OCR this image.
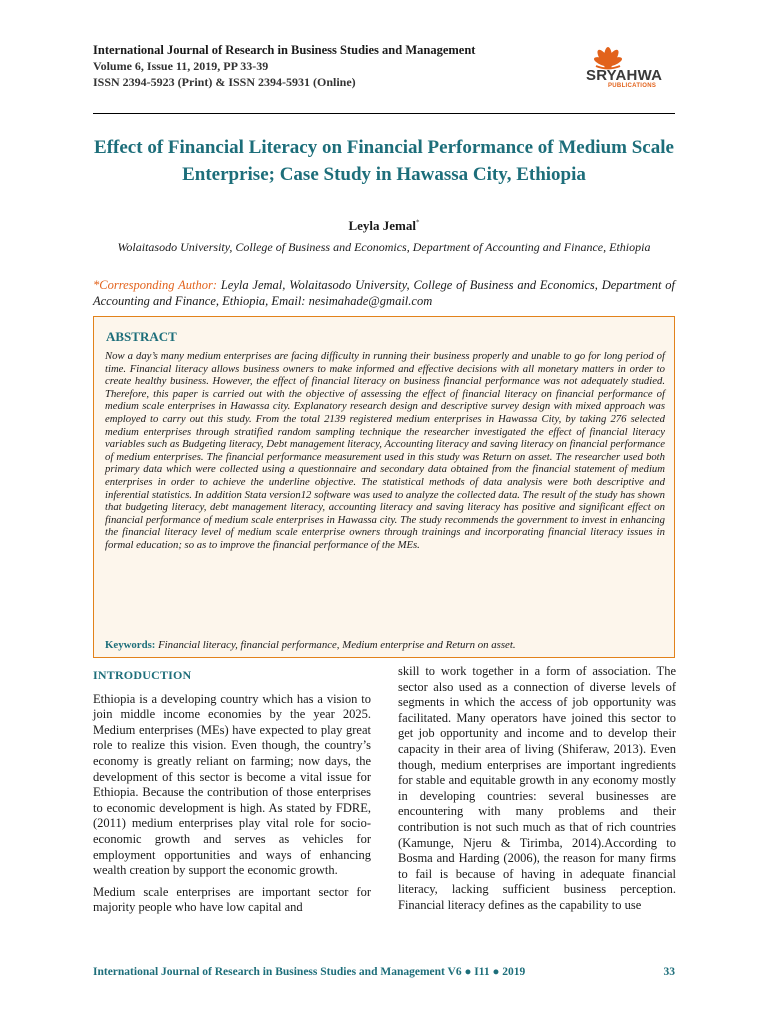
International Journal of Research in Business Studies and Management
Volume 6, Issue 11, 2019, PP 33-39
ISSN 2394-5923 (Print) & ISSN 2394-5931 (Online)	SRYAHWA
PUBLICATIONS
Effect of Financial Literacy on Financial Performance of Medium Scale Enterprise; Case Study in Hawassa City, Ethiopia
Leyla Jemal*
Wolaitasodo University, College of Business and Economics, Department of Accounting and Finance, Ethiopia
*Corresponding Author: Leyla Jemal, Wolaitasodo University, College of Business and Economics, Department of Accounting and Finance, Ethiopia, Email: nesimahade@gmail.com
ABSTRACT

Now a day’s many medium enterprises are facing difficulty in running their business properly and unable to go for long period of time. Financial literacy allows business owners to make informed and effective decisions with all monetary matters in order to create healthy business. However, the effect of financial literacy on business financial performance was not adequately studied. Therefore, this paper is carried out with the objective of assessing the effect of financial literacy on financial performance of medium scale enterprises in Hawassa city. Explanatory research design and descriptive survey design with mixed approach was employed to carry out this study. From the total 2139 registered medium enterprises in Hawassa City, by taking 276 selected medium enterprises through stratified random sampling technique the researcher investigated the effect of financial literacy variables such as Budgeting literacy, Debt management literacy, Accounting literacy and saving literacy on financial performance of medium enterprises. The financial performance measurement used in this study was Return on asset. The researcher used both primary data which were collected using a questionnaire and secondary data obtained from the financial statement of medium enterprises in order to achieve the underline objective. The statistical methods of data analysis were both descriptive and inferential statistics. In addition Stata version12 software was used to analyze the collected data. The result of the study has shown that budgeting literacy, debt management literacy, accounting literacy and saving literacy has positive and significant effect on financial performance of medium scale enterprises in Hawassa city. The study recommends the government to invest in enhancing the financial literacy level of medium scale enterprise owners through trainings and incorporating financial literacy issues in formal education; so as to improve the financial performance of the MEs.

Keywords: Financial literacy, financial performance, Medium enterprise and Return on asset.
INTRODUCTION

Ethiopia is a developing country which has a vision to join middle income economies by the year 2025. Medium enterprises (MEs) have expected to play great role to realize this vision. Even though, the country’s economy is greatly reliant on farming; now days, the development of this sector is become a vital issue for Ethiopia. Because the contribution of those enterprises to economic development is high. As stated by FDRE, (2011) medium enterprises play vital role for socio-economic growth and serves as vehicles for employment opportunities and ways of enhancing wealth creation by support the economic growth.

Medium scale enterprises are important sector for majority people who have low capital and

skill to work together in a form of association. The sector also used as a connection of diverse levels of segments in which the access of job opportunity was facilitated. Many operators have joined this sector to get job opportunity and income and to develop their capacity in their area of living (Shiferaw, 2013). Even though, medium enterprises are important ingredients for stable and equitable growth in any economy mostly in developing countries: several businesses are encountering with many problems and their contribution is not such much as that of rich countries (Kamunge, Njeru & Tirimba, 2014).According to Bosma and Harding (2006), the reason for many firms to fail is because of having in adequate financial literacy, lacking sufficient business perception. Financial literacy defines as the capability to use

International Journal of Research in Business Studies and Management V6 ● I11 ● 2019	33
